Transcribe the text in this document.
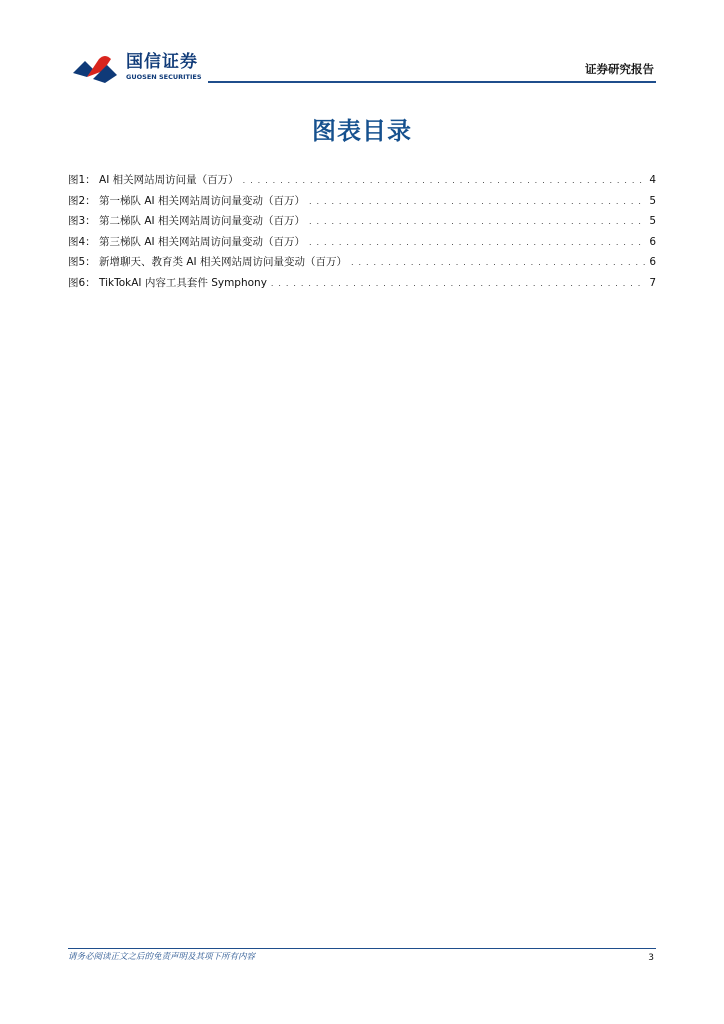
国信证券
GUOSEN SECURITIES
证券研究报告
图表目录
图1： AI 相关网站周访问量（百万） . . .	4
图2： 第一梯队 AI 相关网站周访问量变动（百万） . . .	5
图3： 第二梯队 AI 相关网站周访问量变动（百万） . . .	5
图4： 第三梯队 AI 相关网站周访问量变动（百万） . . .	6
图5： 新增聊天、教育类 AI 相关网站周访问量变动（百万） . . .	6
图6： TikTokAI 内容工具套件 Symphony . . .	7
请务必阅读正文之后的免责声明及其项下所有内容	3
